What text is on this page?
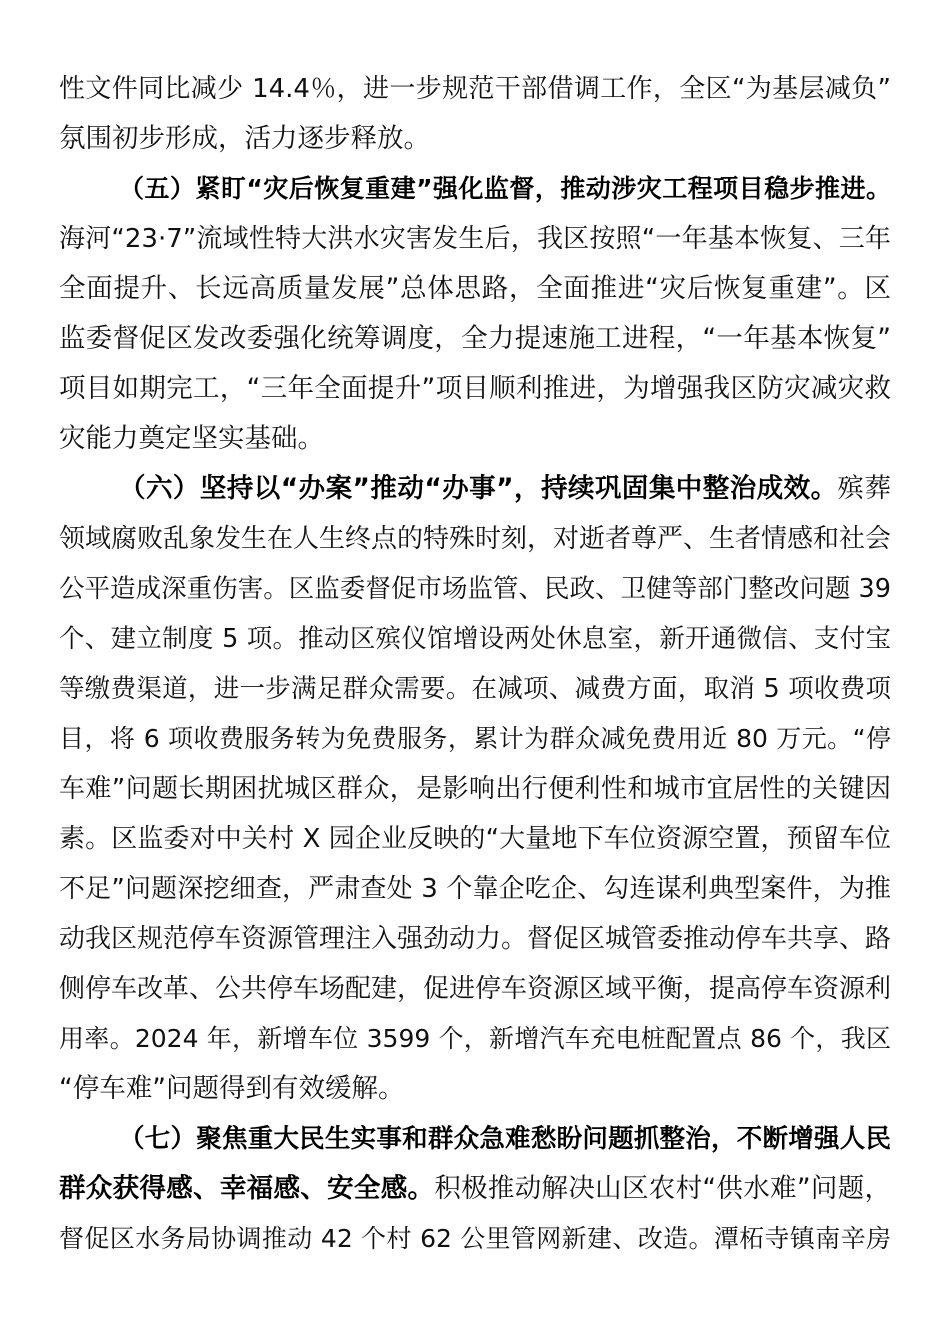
性文件同比减少 14.4％，进一步规范干部借调工作，全区“为基层减负”
氛围初步形成，活力逐步释放。
（五）紧盯“灾后恢复重建”强化监督，推动涉灾工程项目稳步推进。
海河“23·7”流域性特大洪水灾害发生后，我区按照“一年基本恢复、三年
全面提升、长远高质量发展”总体思路，全面推进“灾后恢复重建”。区
监委督促区发改委强化统筹调度，全力提速施工进程，“一年基本恢复”
项目如期完工，“三年全面提升”项目顺利推进，为增强我区防灾减灾救
灾能力奠定坚实基础。
（六）坚持以“办案”推动“办事”，持续巩固集中整治成效。殡葬
领域腐败乱象发生在人生终点的特殊时刻，对逝者尊严、生者情感和社会
公平造成深重伤害。区监委督促市场监管、民政、卫健等部门整改问题 39
个、建立制度 5 项。推动区殡仪馆增设两处休息室，新开通微信、支付宝
等缴费渠道，进一步满足群众需要。在减项、减费方面，取消 5 项收费项
目，将 6 项收费服务转为免费服务，累计为群众减免费用近 80 万元。“停
车难”问题长期困扰城区群众，是影响出行便利性和城市宜居性的关键因
素。区监委对中关村 X 园企业反映的“大量地下车位资源空置，预留车位
不足”问题深挖细查，严肃查处 3 个靠企吃企、勾连谋利典型案件，为推
动我区规范停车资源管理注入强劲动力。督促区城管委推动停车共享、路
侧停车改革、公共停车场配建，促进停车资源区域平衡，提高停车资源利
用率。2024 年，新增车位 3599 个，新增汽车充电桩配置点 86 个，我区
“停车难”问题得到有效缓解。
（七）聚焦重大民生实事和群众急难愁盼问题抓整治，不断增强人民
群众获得感、幸福感、安全感。积极推动解决山区农村“供水难”问题，
督促区水务局协调推动 42 个村 62 公里管网新建、改造。潭柘寺镇南辛房
